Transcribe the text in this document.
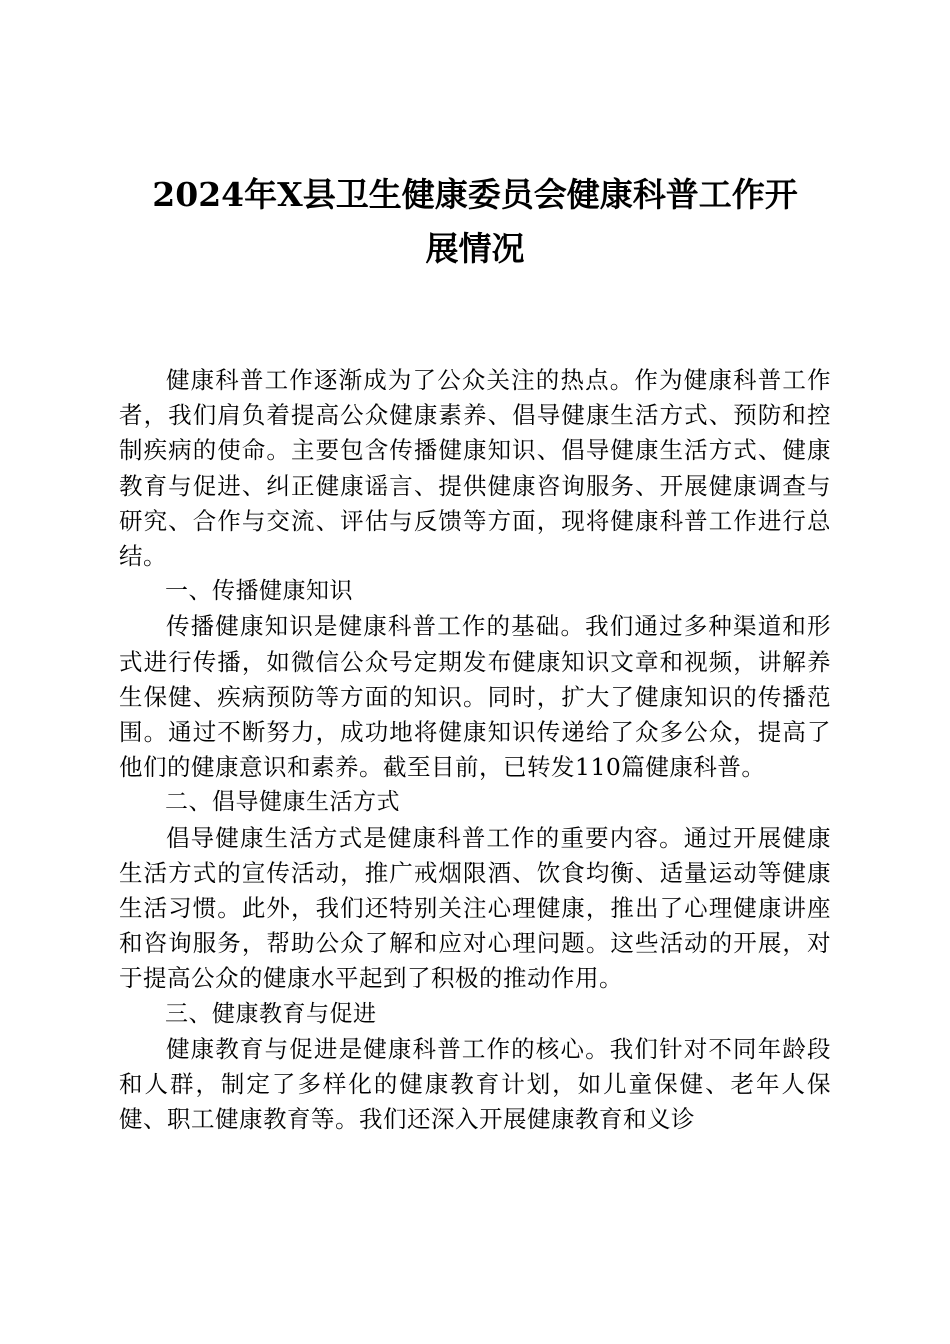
2024年X县卫生健康委员会健康科普工作开
展情况

健康科普工作逐渐成为了公众关注的热点。作为健康科普工作者，我们肩负着提高公众健康素养、倡导健康生活方式、预防和控制疾病的使命。主要包含传播健康知识、倡导健康生活方式、健康教育与促进、纠正健康谣言、提供健康咨询服务、开展健康调查与研究、合作与交流、评估与反馈等方面，现将健康科普工作进行总结。

一、传播健康知识

传播健康知识是健康科普工作的基础。我们通过多种渠道和形式进行传播，如微信公众号定期发布健康知识文章和视频，讲解养生保健、疾病预防等方面的知识。同时，扩大了健康知识的传播范围。通过不断努力，成功地将健康知识传递给了众多公众，提高了他们的健康意识和素养。截至目前，已转发110篇健康科普。

二、倡导健康生活方式

倡导健康生活方式是健康科普工作的重要内容。通过开展健康生活方式的宣传活动，推广戒烟限酒、饮食均衡、适量运动等健康生活习惯。此外，我们还特别关注心理健康，推出了心理健康讲座和咨询服务，帮助公众了解和应对心理问题。这些活动的开展，对于提高公众的健康水平起到了积极的推动作用。

三、健康教育与促进

健康教育与促进是健康科普工作的核心。我们针对不同年龄段和人群，制定了多样化的健康教育计划，如儿童保健、老年人保健、职工健康教育等。我们还深入开展健康教育和义诊
